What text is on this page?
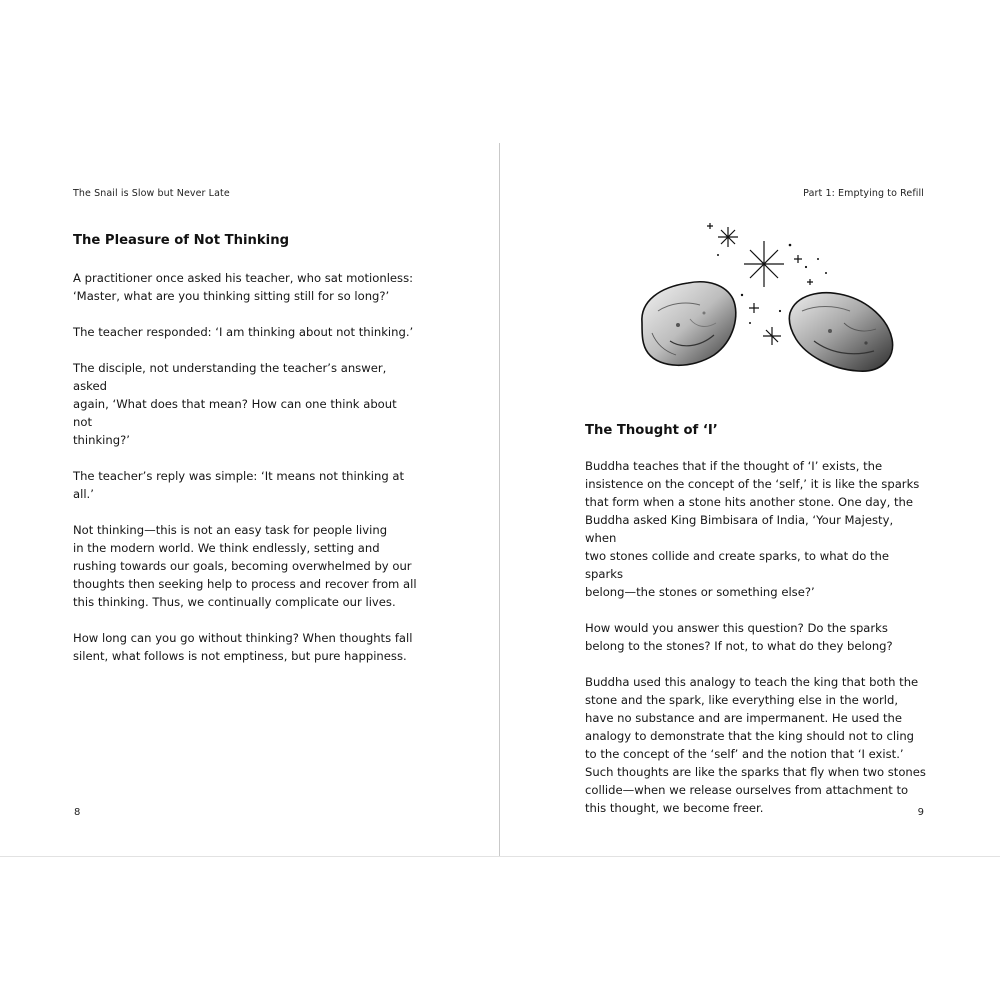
The Snail is Slow but Never Late
The Pleasure of Not Thinking

A practitioner once asked his teacher, who sat motionless:
‘Master, what are you thinking sitting still for so long?’

The teacher responded: ‘I am thinking about not thinking.’

The disciple, not understanding the teacher’s answer, asked
again, ‘What does that mean? How can one think about not
thinking?’

The teacher’s reply was simple: ‘It means not thinking at all.’

Not thinking—this is not an easy task for people living
in the modern world. We think endlessly, setting and
rushing towards our goals, becoming overwhelmed by our
thoughts then seeking help to process and recover from all
this thinking. Thus, we continually complicate our lives.

How long can you go without thinking? When thoughts fall
silent, what follows is not emptiness, but pure happiness.

8
Part 1: Emptying to Refill
The Thought of ‘I’

Buddha teaches that if the thought of ‘I’ exists, the
insistence on the concept of the ‘self,’ it is like the sparks
that form when a stone hits another stone. One day, the
Buddha asked King Bimbisara of India, ‘Your Majesty, when
two stones collide and create sparks, to what do the sparks
belong—the stones or something else?’

How would you answer this question? Do the sparks
belong to the stones? If not, to what do they belong?

Buddha used this analogy to teach the king that both the
stone and the spark, like everything else in the world,
have no substance and are impermanent. He used the
analogy to demonstrate that the king should not to cling
to the concept of the ‘self’ and the notion that ‘I exist.’
Such thoughts are like the sparks that fly when two stones
collide—when we release ourselves from attachment to
this thought, we become freer.	9
